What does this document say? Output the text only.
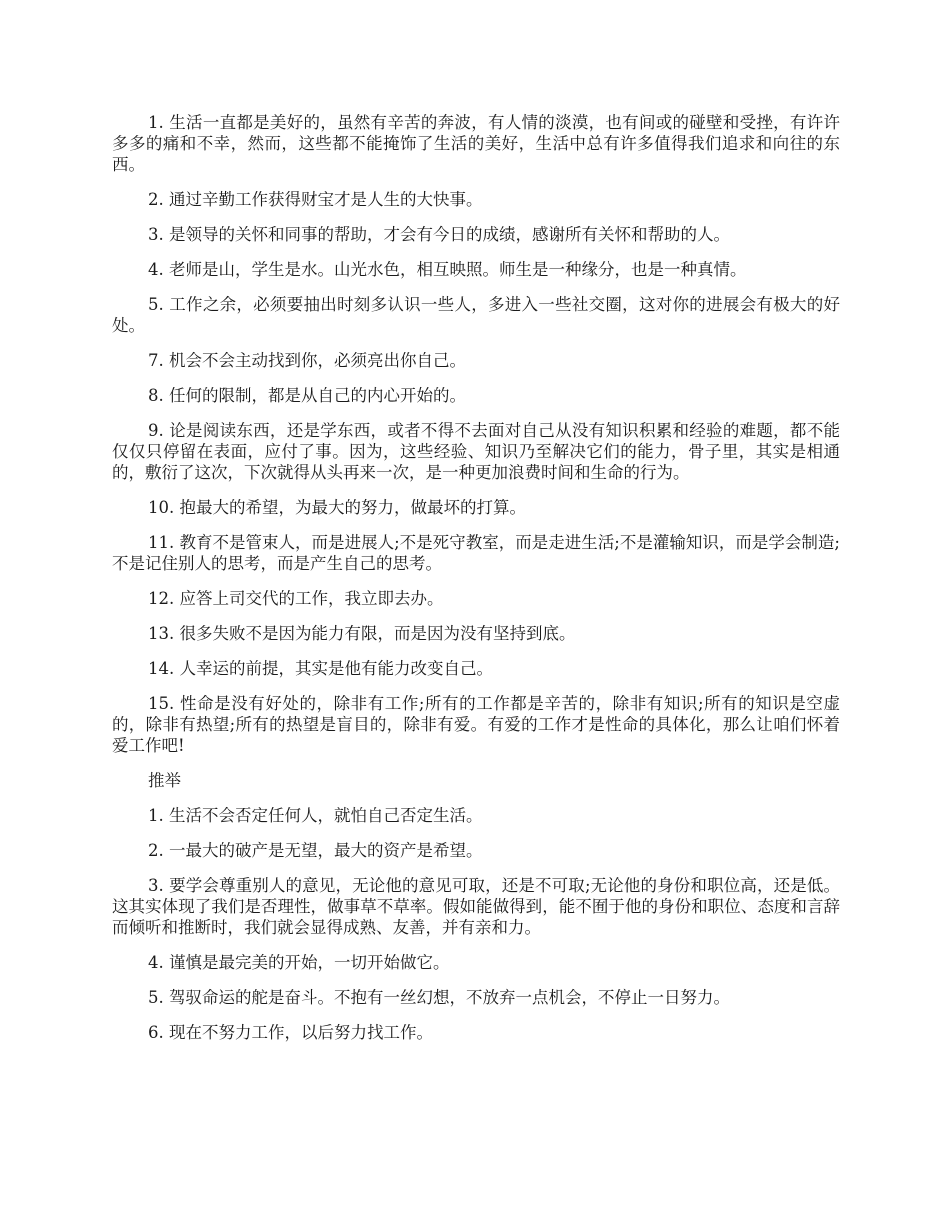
1. 生活一直都是美好的，虽然有辛苦的奔波，有人情的淡漠，也有间或的碰壁和受挫，有许许多多的痛和不幸，然而，这些都不能掩饰了生活的美好，生活中总有许多值得我们追求和向往的东西。

2. 通过辛勤工作获得财宝才是人生的大快事。

3. 是领导的关怀和同事的帮助，才会有今日的成绩，感谢所有关怀和帮助的人。

4. 老师是山，学生是水。山光水色，相互映照。师生是一种缘分，也是一种真情。

5. 工作之余，必须要抽出时刻多认识一些人，多进入一些社交圈，这对你的进展会有极大的好处。

7. 机会不会主动找到你，必须亮出你自己。

8. 任何的限制，都是从自己的内心开始的。

9. 论是阅读东西，还是学东西，或者不得不去面对自己从没有知识积累和经验的难题，都不能仅仅只停留在表面，应付了事。因为，这些经验、知识乃至解决它们的能力，骨子里，其实是相通的，敷衍了这次，下次就得从头再来一次，是一种更加浪费时间和生命的行为。

10. 抱最大的希望，为最大的努力，做最坏的打算。

11. 教育不是管束人，而是进展人;不是死守教室，而是走进生活;不是灌输知识，而是学会制造;不是记住别人的思考，而是产生自己的思考。

12. 应答上司交代的工作，我立即去办。

13. 很多失败不是因为能力有限，而是因为没有坚持到底。

14. 人幸运的前提，其实是他有能力改变自己。

15. 性命是没有好处的，除非有工作;所有的工作都是辛苦的，除非有知识;所有的知识是空虚的，除非有热望;所有的热望是盲目的，除非有爱。有爱的工作才是性命的具体化，那么让咱们怀着爱工作吧!

推举

1. 生活不会否定任何人，就怕自己否定生活。

2. 一最大的破产是无望，最大的资产是希望。

3. 要学会尊重别人的意见，无论他的意见可取，还是不可取;无论他的身份和职位高，还是低。这其实体现了我们是否理性，做事草不草率。假如能做得到，能不囿于他的身份和职位、态度和言辞而倾听和推断时，我们就会显得成熟、友善，并有亲和力。

4. 谨慎是最完美的开始，一切开始做它。

5. 驾驭命运的舵是奋斗。不抱有一丝幻想，不放弃一点机会，不停止一日努力。

6. 现在不努力工作，以后努力找工作。
